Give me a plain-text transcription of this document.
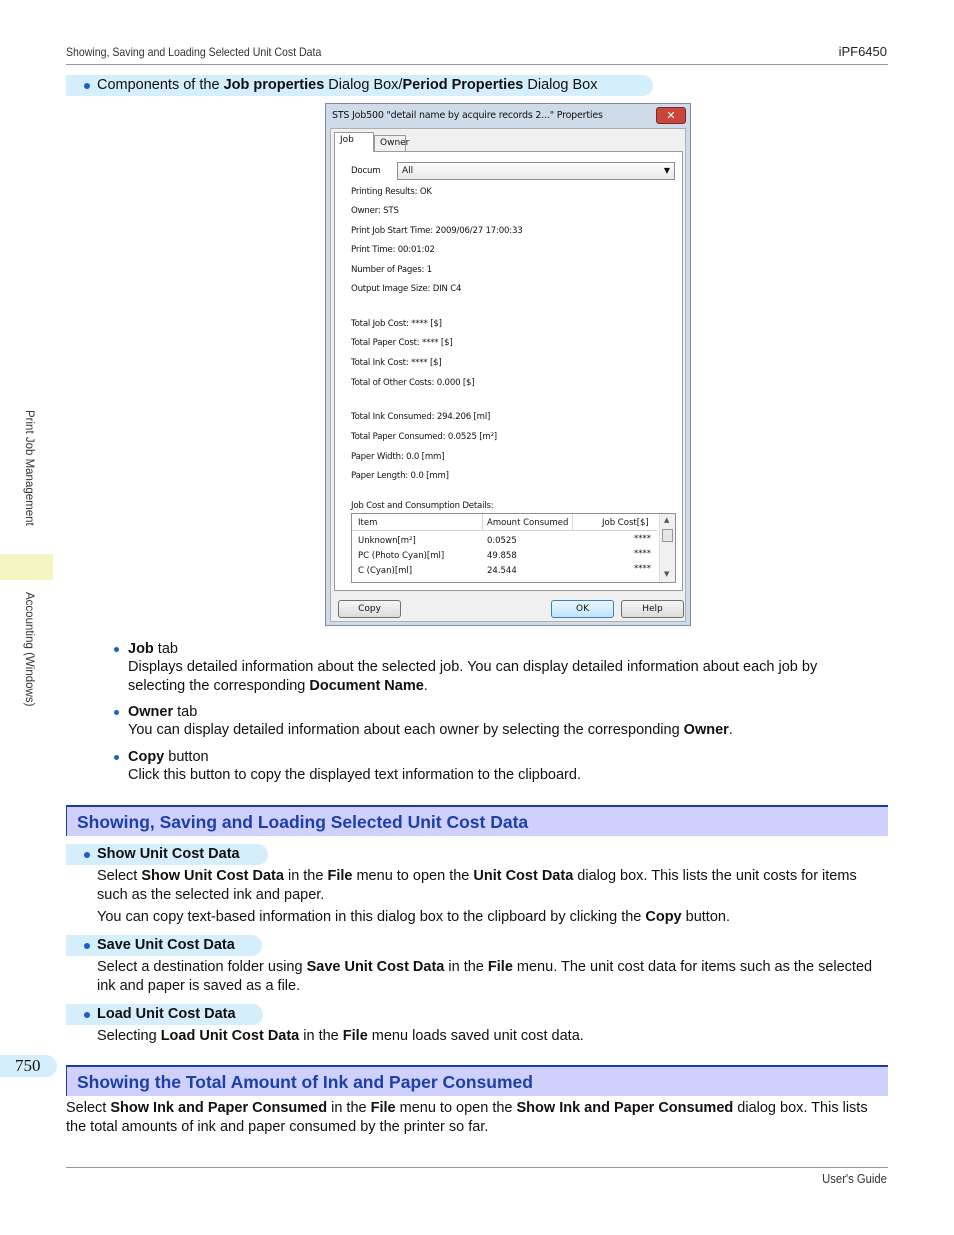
Showing, Saving and Loading Selected Unit Cost Data	iPF6450
Components of the Job properties Dialog Box/Period Properties Dialog Box
STS Job500 "detail name by acquire records 2..." Properties	✕
Job	Owner
Docum	All	▼
Printing Results: OK
Owner: STS
Print Job Start Time: 2009/06/27 17:00:33
Print Time: 00:01:02
Number of Pages: 1
Output Image Size: DIN C4
Total Job Cost: **** [$]
Total Paper Cost: **** [$]
Total Ink Cost: **** [$]
Total of Other Costs: 0.000 [$]
Total Ink Consumed: 294.206 [ml]
Total Paper Consumed: 0.0525 [m²]
Paper Width: 0.0 [mm]
Paper Length: 0.0 [mm]
Job Cost and Consumption Details:
Item	Amount Consumed	Job Cost[$]
Unknown[m²]	0.0525	****
PC (Photo Cyan)[ml]	49.858	****
C (Cyan)[ml]	24.544	****
▲
▼
Copy	OK	Help
Job tab
Displays detailed information about the selected job. You can display detailed information about each job by selecting the corresponding Document Name.
Owner tab
You can display detailed information about each owner by selecting the corresponding Owner.
Copy button
Click this button to copy the displayed text information to the clipboard.
Showing, Saving and Loading Selected Unit Cost Data
Show Unit Cost Data
Select Show Unit Cost Data in the File menu to open the Unit Cost Data dialog box. This lists the unit costs for items such as the selected ink and paper.
You can copy text-based information in this dialog box to the clipboard by clicking the Copy button.
Save Unit Cost Data
Select a destination folder using Save Unit Cost Data in the File menu. The unit cost data for items such as the selected ink and paper is saved as a file.
Load Unit Cost Data
Selecting Load Unit Cost Data in the File menu loads saved unit cost data.
Showing the Total Amount of Ink and Paper Consumed
Select Show Ink and Paper Consumed in the File menu to open the Show Ink and Paper Consumed dialog box. This lists the total amounts of ink and paper consumed by the printer so far.
Print Job Management
Accounting (Windows)
750
User's Guide
